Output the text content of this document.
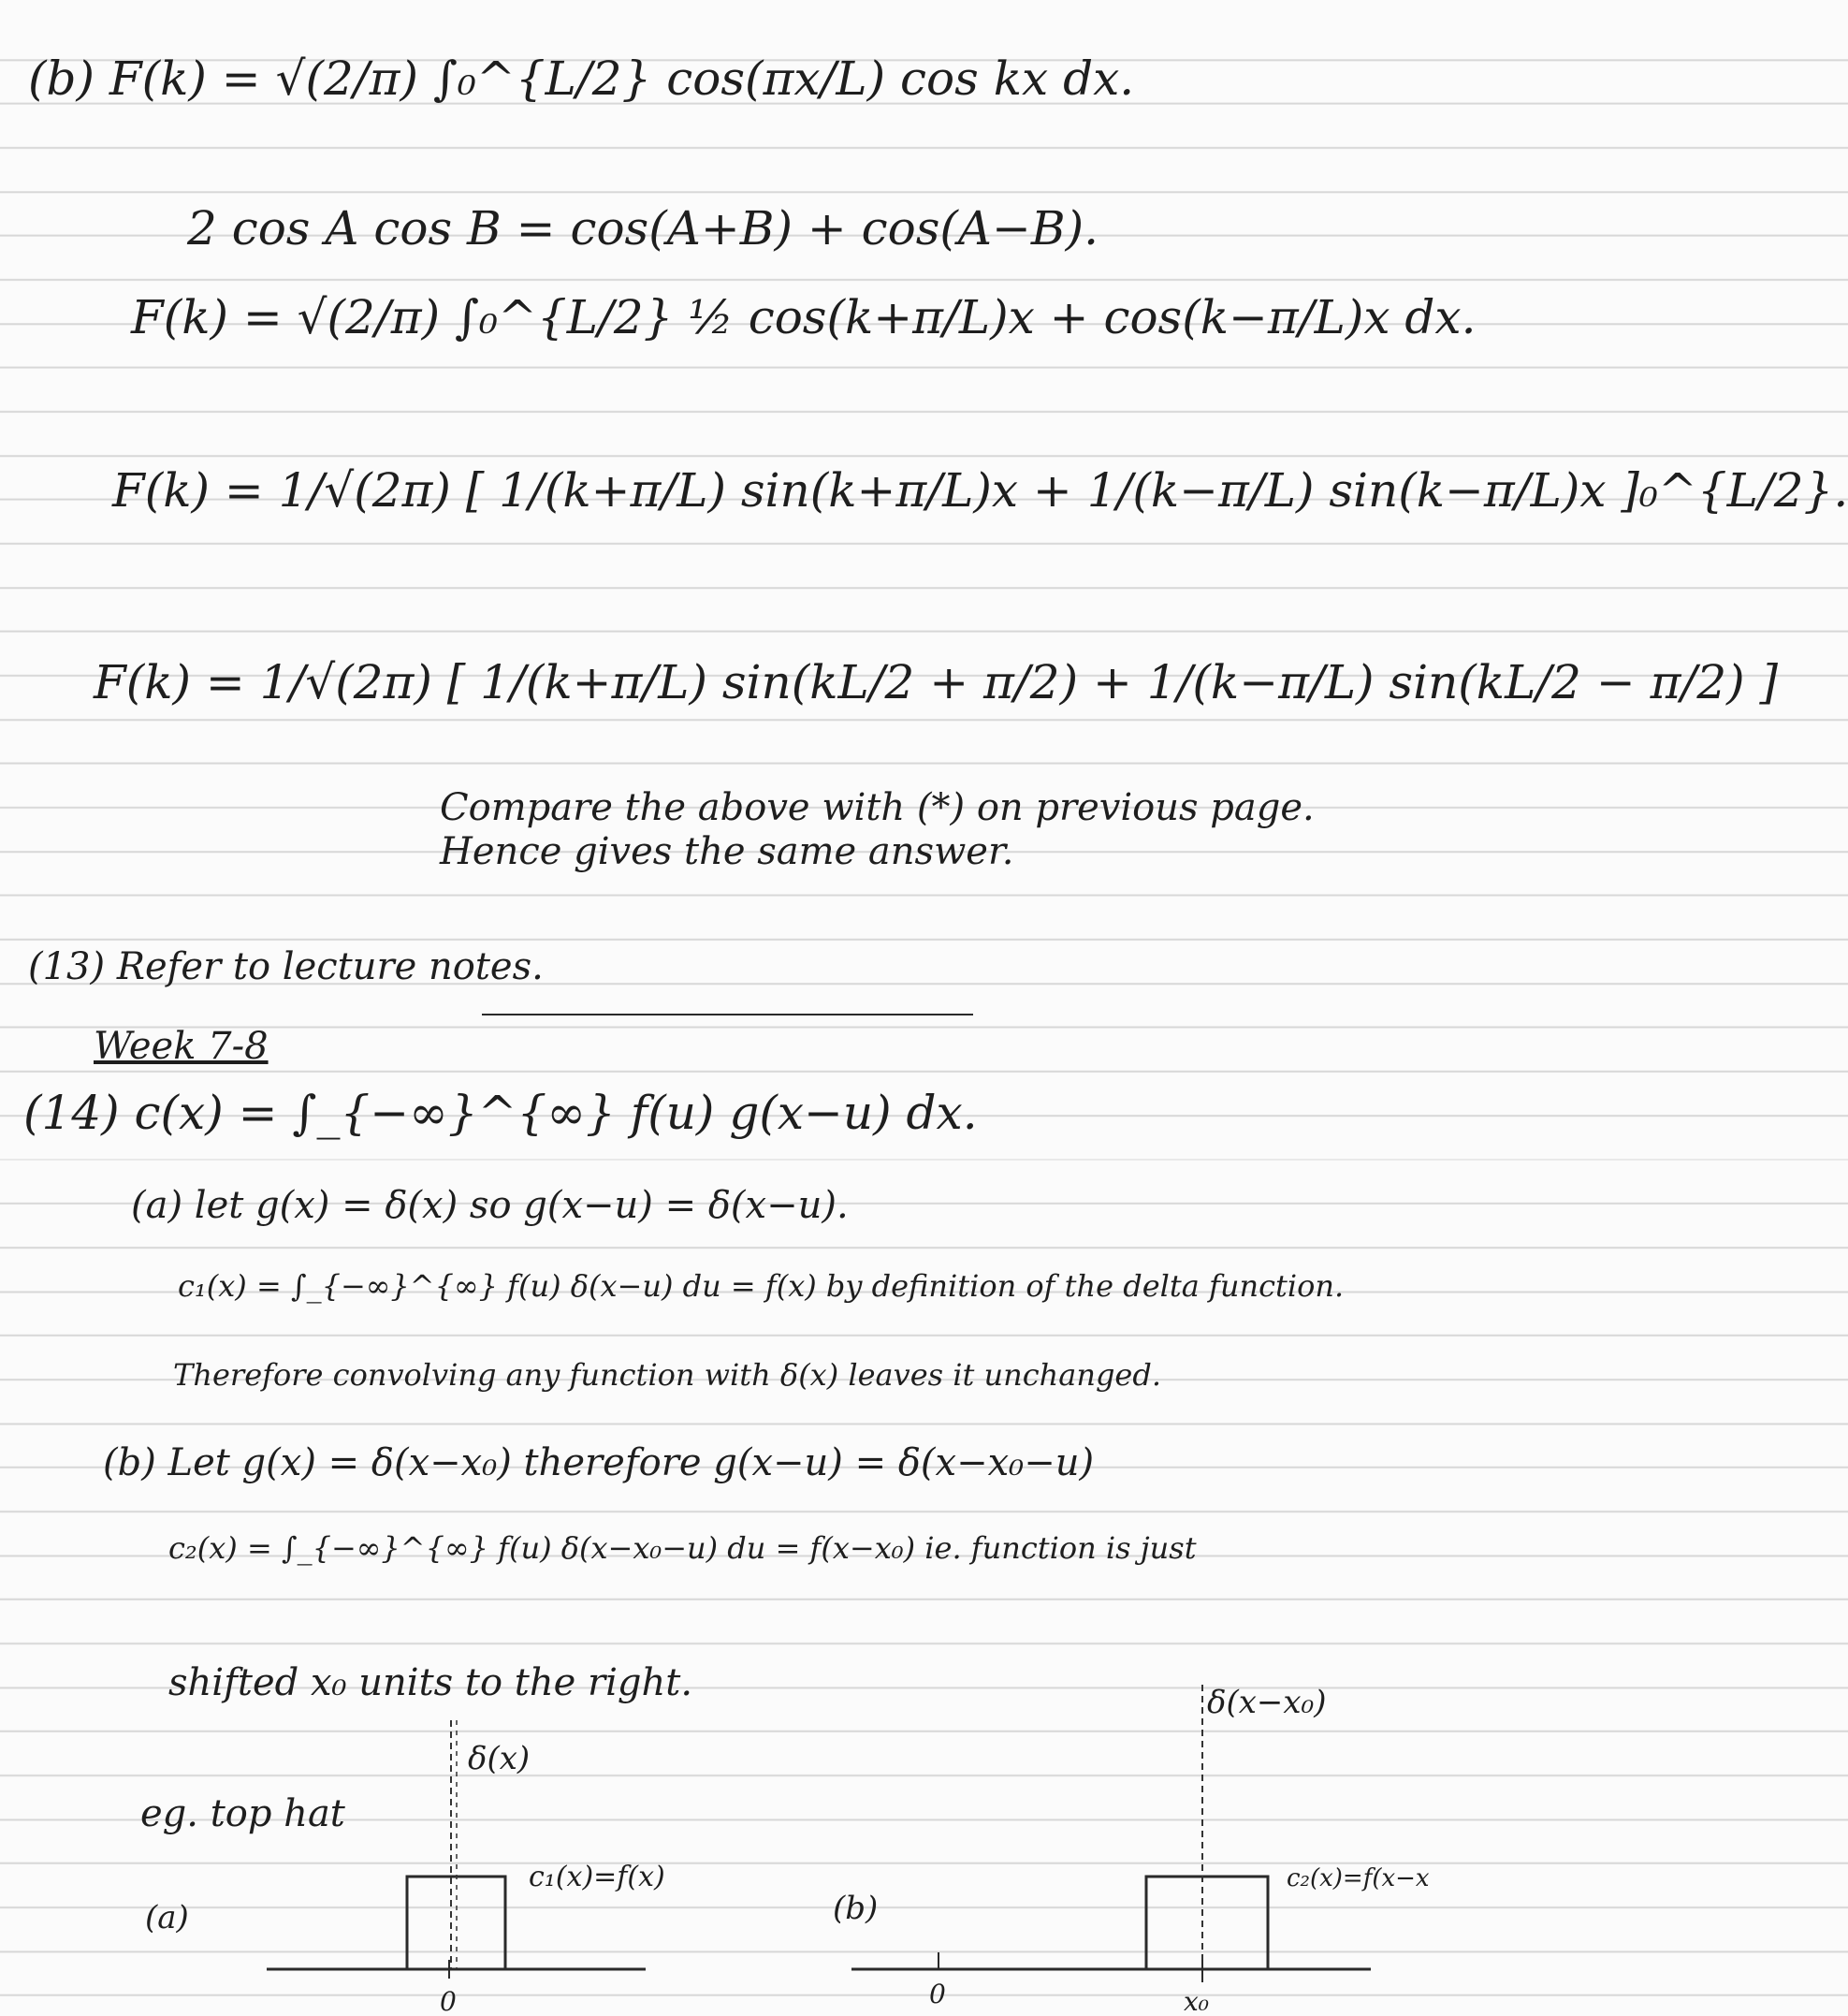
(b) F(k) = √(2/π) ∫₀^{L/2} cos(πx/L) cos kx dx.
2 cos A cos B = cos(A+B) + cos(A−B).
F(k) = √(2/π) ∫₀^{L/2} ½ cos(k+π/L)x + cos(k−π/L)x dx.
F(k) = 1/√(2π) [ 1/(k+π/L) sin(k+π/L)x + 1/(k−π/L) sin(k−π/L)x ]₀^{L/2}.
F(k) = 1/√(2π) [ 1/(k+π/L) sin(kL/2 + π/2) + 1/(k−π/L) sin(kL/2 − π/2) ]
Compare the above with (*) on previous page.
Hence gives the same answer.
(13) Refer to lecture notes.
Week 7-8
(14) c(x) = ∫_{−∞}^{∞} f(u) g(x−u) dx.
(a) let g(x) = δ(x) so g(x−u) = δ(x−u).
c₁(x) = ∫_{−∞}^{∞} f(u) δ(x−u) du = f(x) by definition of the delta function.
Therefore convolving any function with δ(x) leaves it unchanged.
(b) Let g(x) = δ(x−x₀) therefore g(x−u) = δ(x−x₀−u)
c₂(x) = ∫_{−∞}^{∞} f(u) δ(x−x₀−u) du = f(x−x₀) ie. function is just
shifted x₀ units to the right.
eg. top hat
δ(x)
δ(x−x₀)
c₁(x)=f(x)	c₂(x)=f(x−x
(a)	(b)
0	0	x₀
